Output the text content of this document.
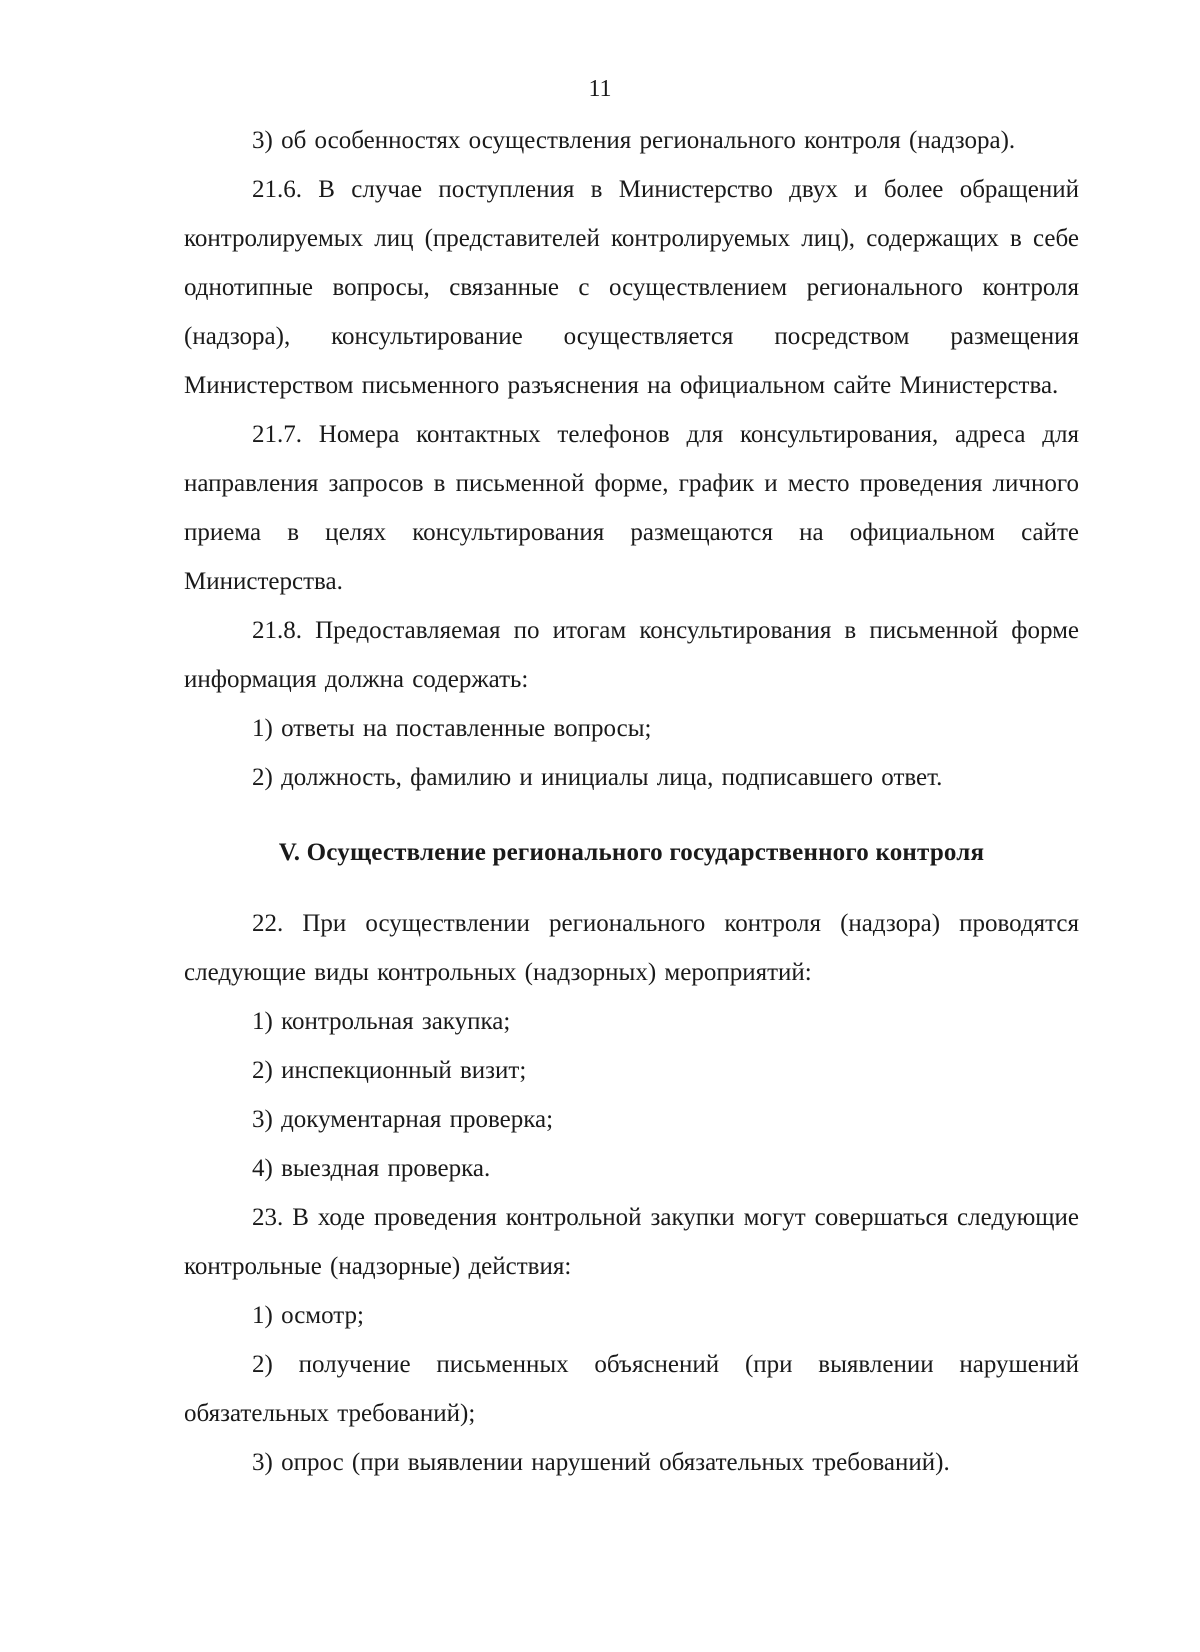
11

3) об особенностях осуществления регионального контроля (надзора).

21.6. В случае поступления в Министерство двух и более обращений контролируемых лиц (представителей контролируемых лиц), содержащих в себе однотипные вопросы, связанные с осуществлением регионального контроля (надзора), консультирование осуществляется посредством размещения Министерством письменного разъяснения на официальном сайте Министерства.

21.7. Номера контактных телефонов для консультирования, адреса для направления запросов в письменной форме, график и место проведения личного приема в целях консультирования размещаются на официальном сайте Министерства.

21.8. Предоставляемая по итогам консультирования в письменной форме информация должна содержать:

1) ответы на поставленные вопросы;

2) должность, фамилию и инициалы лица, подписавшего ответ.

V. Осуществление регионального государственного контроля

22. При осуществлении регионального контроля (надзора) проводятся следующие виды контрольных (надзорных) мероприятий:

1) контрольная закупка;

2) инспекционный визит;

3) документарная проверка;

4) выездная проверка.

23. В ходе проведения контрольной закупки могут совершаться следующие контрольные (надзорные) действия:

1) осмотр;

2) получение письменных объяснений (при выявлении нарушений обязательных требований);

3) опрос (при выявлении нарушений обязательных требований).
